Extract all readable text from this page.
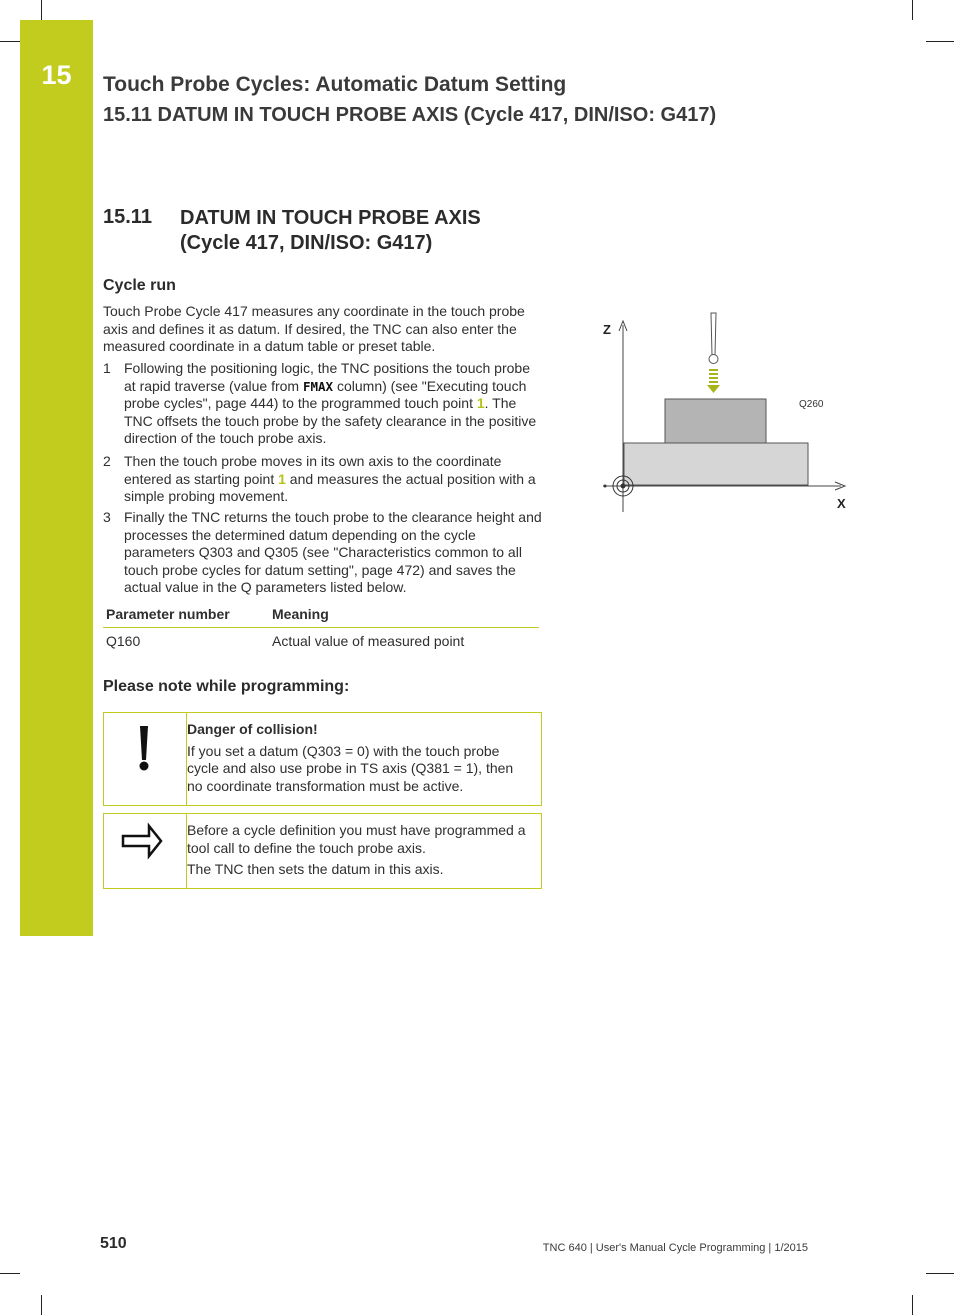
15	Touch Probe Cycles: Automatic Datum Setting
15.11 DATUM IN TOUCH PROBE AXIS (Cycle 417, DIN/ISO: G417)
15.11 DATUM IN TOUCH PROBE AXIS
(Cycle 417, DIN/ISO: G417)
Cycle run
Touch Probe Cycle 417 measures any coordinate in the touch probe axis and defines it as datum. If desired, the TNC can also enter the measured coordinate in a datum table or preset table.
1 Following the positioning logic, the TNC positions the touch probe at rapid traverse (value from FMAX column) (see "Executing touch probe cycles", page 444) to the programmed touch point 1. The TNC offsets the touch probe by the safety clearance in the positive direction of the touch probe axis.
2 Then the touch probe moves in its own axis to the coordinate entered as starting point 1 and measures the actual position with a simple probing movement.
3 Finally the TNC returns the touch probe to the clearance height and processes the determined datum depending on the cycle parameters Q303 and Q305 (see "Characteristics common to all touch probe cycles for datum setting", page 472) and saves the actual value in the Q parameters listed below.
Parameter number	Meaning
Q160	Actual value of measured point
Please note while programming:

Danger of collision!

If you set a datum (Q303 = 0) with the touch probe cycle and also use probe in TS axis (Q381 = 1), then no coordinate transformation must be active.

Before a cycle definition you must have programmed a tool call to define the touch probe axis.

The TNC then sets the datum in this axis.

Z
X
Q260
510	TNC 640 | User's Manual Cycle Programming | 1/2015
